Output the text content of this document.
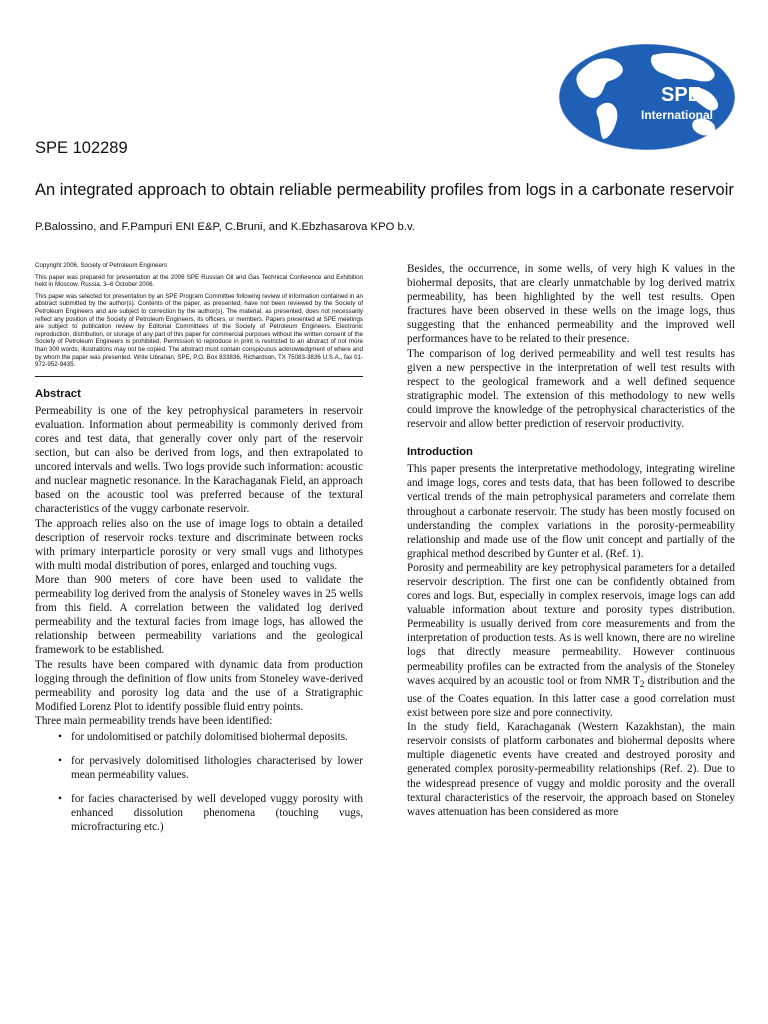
SPE
International
SPE 102289
An integrated approach to obtain reliable permeability profiles from logs in a carbonate reservoir
P.Balossino, and F.Pampuri ENI E&P, C.Bruni, and K.Ebzhasarova KPO b.v.

Copyright 2006, Society of Petroleum Engineers

This paper was prepared for presentation at the 2006 SPE Russian Oil and Gas Technical Conference and Exhibition held in Moscow, Russia, 3–6 October 2006.

This paper was selected for presentation by an SPE Program Committee following review of information contained in an abstract submitted by the author(s). Contents of the paper, as presented, have not been reviewed by the Society of Petroleum Engineers and are subject to correction by the author(s). The material, as presented, does not necessarily reflect any position of the Society of Petroleum Engineers, its officers, or members. Papers presented at SPE meetings are subject to publication review by Editorial Committees of the Society of Petroleum Engineers. Electronic reproduction, distribution, or storage of any part of this paper for commercial purposes without the written consent of the Society of Petroleum Engineers is prohibited. Permission to reproduce in print is restricted to an abstract of not more than 300 words; illustrations may not be copied. The abstract must contain conspicuous acknowledgment of where and by whom the paper was presented. Write Librarian, SPE, P.O. Box 833836, Richardson, TX 75083-3836 U.S.A., fax 01-972-952-9435.

Abstract

Permeability is one of the key petrophysical parameters in reservoir evaluation. Information about permeability is commonly derived from cores and test data, that generally cover only part of the reservoir section, but can also be derived from logs, and then extrapolated to uncored intervals and wells. Two logs provide such information: acoustic and nuclear magnetic resonance. In the Karachaganak Field, an approach based on the acoustic tool was preferred because of the textural characteristics of the vuggy carbonate reservoir.

The approach relies also on the use of image logs to obtain a detailed description of reservoir rocks texture and discriminate between rocks with primary interparticle porosity or very small vugs and lithotypes with multi modal distribution of pores, enlarged and touching vugs.

More than 900 meters of core have been used to validate the permeability log derived from the analysis of Stoneley waves in 25 wells from this field. A correlation between the validated log derived permeability and the textural facies from image logs, has allowed the relationship between permeability variations and the geological framework to be established.

The results have been compared with dynamic data from production logging through the definition of flow units from Stoneley wave-derived permeability and porosity log data and the use of a Stratigraphic Modified Lorenz Plot to identify possible fluid entry points.

Three main permeability trends have been identified:

• for undolomitised or patchily dolomitised biohermal deposits.
• for pervasively dolomitised lithologies characterised by lower mean permeability values.
• for facies characterised by well developed vuggy porosity with enhanced dissolution phenomena (touching vugs, microfracturing etc.)

Besides, the occurrence, in some wells, of very high K values in the biohermal deposits, that are clearly unmatchable by log derived matrix permeability, has been highlighted by the well test results. Open fractures have been observed in these wells on the image logs, thus suggesting that the enhanced permeability and the improved well performances have to be related to their presence.

The comparison of log derived permeability and well test results has given a new perspective in the interpretation of well test results with respect to the geological framework and a well defined sequence stratigraphic model. The extension of this methodology to new wells could improve the knowledge of the petrophysical characteristics of the reservoir and allow better prediction of reservoir productivity.

Introduction

This paper presents the interpretative methodology, integrating wireline and image logs, cores and tests data, that has been followed to describe vertical trends of the main petrophysical parameters and correlate them throughout a carbonate reservoir. The study has been mostly focused on understanding the complex variations in the porosity-permeability relationship and made use of the flow unit concept and partially of the graphical method described by Gunter et al. (Ref. 1).

Porosity and permeability are key petrophysical parameters for a detailed reservoir description. The first one can be confidently obtained from cores and logs. But, especially in complex reservois, image logs can add valuable information about texture and porosity types distribution. Permeability is usually derived from core measurements and from the interpretation of production tests. As is well known, there are no wireline logs that directly measure permeability. However continuous permeability profiles can be extracted from the analysis of the Stoneley waves acquired by an acoustic tool or from NMR $T_2$ distribution and the use of the Coates equation. In this latter case a good correlation must exist between pore size and pore connectivity.

In the study field, Karachaganak (Western Kazakhstan), the main reservoir consists of platform carbonates and biohermal deposits where multiple diagenetic events have created and destroyed porosity and generated complex porosity-permeability relationships (Ref. 2). Due to the widespread presence of vuggy and moldic porosity and the overall textural characteristics of the reservoir, the approach based on Stoneley waves attenuation has been considered as more
